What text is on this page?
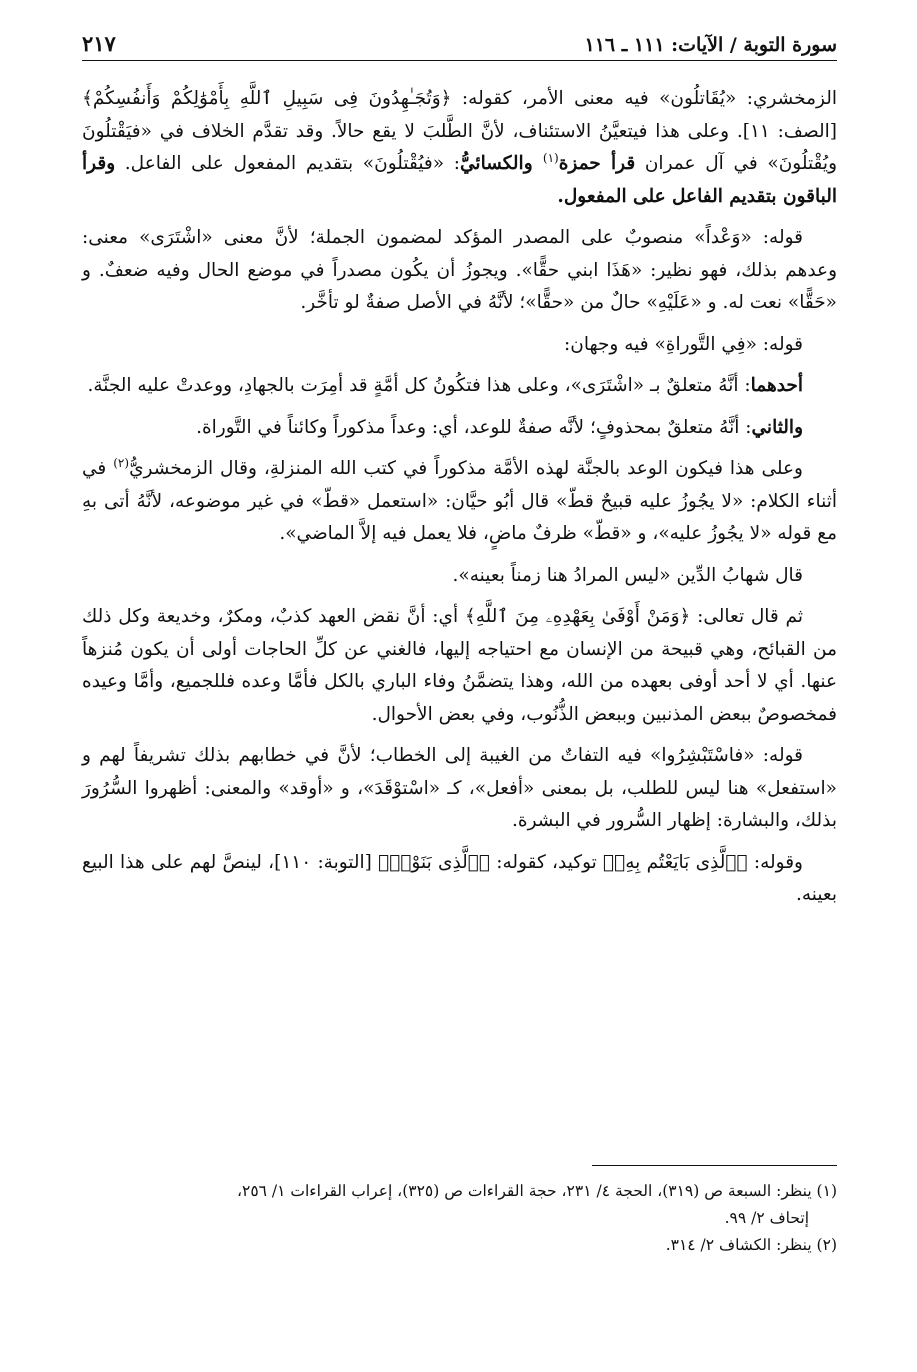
سورة التوبة / الآيات: ١١١ ـ ١١٦
٢١٧

الزمخشري: «يُقَاتلُون» فيه معنى الأمر، كقوله: ﴿وَتُجَـٰهِدُونَ فِى سَبِيلِ ٱللَّهِ بِأَمْوَٰلِكُمْ وَأَنفُسِكُمْ﴾ [الصف: ١١]. وعلى هذا فيتعيَّنُ الاستئناف، لأنَّ الطَّلبَ لا يقع حالاً. وقد تقدَّم الخلاف في «فيَقْتلُونَ ويُقْتلُونَ» في آل عمران قرأ حمزة$^{(١)}$ والكسائيُّ: «فيُقْتلُونَ» بتقديم المفعول على الفاعل. وقرأ الباقون بتقديم الفاعل على المفعول.

قوله: «وَعْداً» منصوبٌ على المصدر المؤكد لمضمون الجملة؛ لأنَّ معنى «اشْتَرَى» معنى: وعدهم بذلك، فهو نظير: «هَذَا ابني حقًّا». ويجوزُ أن يكُون مصدراً في موضع الحال وفيه ضعفٌ. و «حَقًّا» نعت له. و «عَلَيْهِ» حالٌ من «حقًّا»؛ لأنَّهُ في الأصل صفةٌ لو تأخَّر.

قوله: «فِي التَّوراةِ» فيه وجهان:

أحدهما: أنَّهُ متعلقٌ بـ «اشْتَرَى»، وعلى هذا فتكُونُ كل أمَّةٍ قد أمِرَت بالجهادِ، ووعدتْ عليه الجنَّة.

والثاني: أنَّهُ متعلقٌ بمحذوفٍ؛ لأنَّه صفةٌ للوعد، أي: وعداً مذكوراً وكائناً في التَّوراة.

وعلى هذا فيكون الوعد بالجنَّة لهذه الأمَّة مذكوراً في كتب الله المنزلةِ، وقال الزمخشريُّ$^{(٢)}$ في أثناء الكلام: «لا يجُوزُ عليه قبيحٌ قطّ» قال أبُو حيَّان: «استعمل «قطّ» في غير موضوعه، لأنَّهُ أتى بهِ مع قوله «لا يجُوزُ عليه»، و «قطّ» ظرفٌ ماضٍ، فلا يعمل فيه إلاَّ الماضي».

قال شهابُ الدِّين «ليس المرادُ هنا زمناً بعينه».

ثم قال تعالى: ﴿وَمَنْ أَوْفَىٰ بِعَهْدِهِۦ مِنَ ٱللَّهِ﴾ أي: أنَّ نقض العهد كذبٌ، ومكرٌ، وخديعة وكل ذلك من القبائح، وهي قبيحة من الإنسان مع احتياجه إليها، فالغني عن كلِّ الحاجات أولى أن يكون مُنزهاً عنها. أي لا أحد أوفى بعهده من الله، وهذا يتضمَّنُ وفاء الباري بالكل فأمَّا وعده فللجميع، وأمَّا وعيده فمخصوصٌ ببعض المذنبين وببعض الذُّنُوب، وفي بعض الأحوال.

قوله: «فاسْتَبْشِرُوا» فيه التفاتٌ من الغيبة إلى الخطاب؛ لأنَّ في خطابهم بذلك تشريفاً لهم و «استفعل» هنا ليس للطلب، بل بمعنى «أفعل»، كـ «اسْتوْقَدَ»، و «أوقد» والمعنى: أظهروا السُّرُورَ بذلك، والبشارة: إظهار السُّرور في البشرة.

وقوله: ﴿ٱلَّذِى بَايَعْتُم بِهِۦ﴾ توكيد، كقوله: ﴿ٱلَّذِى بَنَوْا۟﴾ [التوبة: ١١٠]، لينصَّ لهم على هذا البيع بعينه.

(١) ينظر: السبعة ص (٣١٩)، الحجة ٤/ ٢٣١، حجة القراءات ص (٣٢٥)، إعراب القراءات ١/ ٢٥٦،

إتحاف ٢/ ٩٩.

(٢) ينظر: الكشاف ٢/ ٣١٤.
